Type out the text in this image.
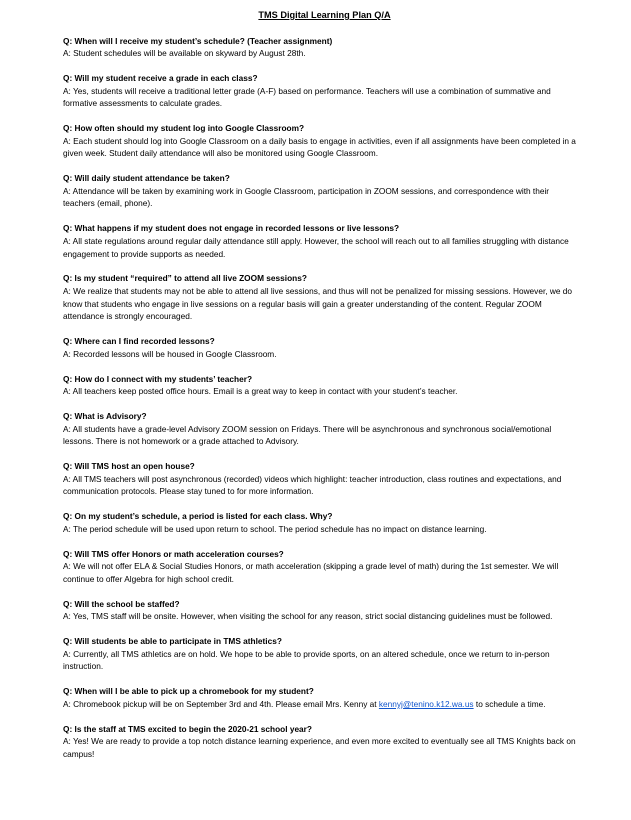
TMS Digital Learning Plan Q/A
Q: When will I receive my student’s schedule? (Teacher assignment)
A: Student schedules will be available on skyward by August 28th.
Q: Will my student receive a grade in each class?
A: Yes, students will receive a traditional letter grade (A-F) based on performance. Teachers will use a combination of summative and formative assessments to calculate grades.
Q: How often should my student log into Google Classroom?
A: Each student should log into Google Classroom on a daily basis to engage in activities, even if all assignments have been completed in a given week. Student daily attendance will also be monitored using Google Classroom.
Q: Will daily student attendance be taken?
A: Attendance will be taken by examining work in Google Classroom, participation in ZOOM sessions, and correspondence with their teachers (email, phone).
Q: What happens if my student does not engage in recorded lessons or live lessons?
A: All state regulations around regular daily attendance still apply. However, the school will reach out to all families struggling with distance engagement to provide supports as needed.
Q: Is my student “required” to attend all live ZOOM sessions?
A: We realize that students may not be able to attend all live sessions, and thus will not be penalized for missing sessions. However, we do know that students who engage in live sessions on a regular basis will gain a greater understanding of the content. Regular ZOOM attendance is strongly encouraged.
Q: Where can I find recorded lessons?
A: Recorded lessons will be housed in Google Classroom.
Q: How do I connect with my students’ teacher?
A: All teachers keep posted office hours. Email is a great way to keep in contact with your student’s teacher.
Q: What is Advisory?
A: All students have a grade-level Advisory ZOOM session on Fridays. There will be asynchronous and synchronous social/emotional lessons. There is not homework or a grade attached to Advisory.
Q: Will TMS host an open house?
A: All TMS teachers will post asynchronous (recorded) videos which highlight: teacher introduction, class routines and expectations, and communication protocols. Please stay tuned to for more information.
Q: On my student’s schedule, a period is listed for each class. Why?
A: The period schedule will be used upon return to school. The period schedule has no impact on distance learning.
Q: Will TMS offer Honors or math acceleration courses?
A: We will not offer ELA & Social Studies Honors, or math acceleration (skipping a grade level of math) during the 1st semester. We will continue to offer Algebra for high school credit.
Q: Will the school be staffed?
A: Yes, TMS staff will be onsite. However, when visiting the school for any reason, strict social distancing guidelines must be followed.
Q: Will students be able to participate in TMS athletics?
A: Currently, all TMS athletics are on hold. We hope to be able to provide sports, on an altered schedule, once we return to in-person instruction.
Q: When will I be able to pick up a chromebook for my student?
A: Chromebook pickup will be on September 3rd and 4th. Please email Mrs. Kenny at kennyj@tenino.k12.wa.us to schedule a time.
Q: Is the staff at TMS excited to begin the 2020-21 school year?
A: Yes! We are ready to provide a top notch distance learning experience, and even more excited to eventually see all TMS Knights back on campus!
